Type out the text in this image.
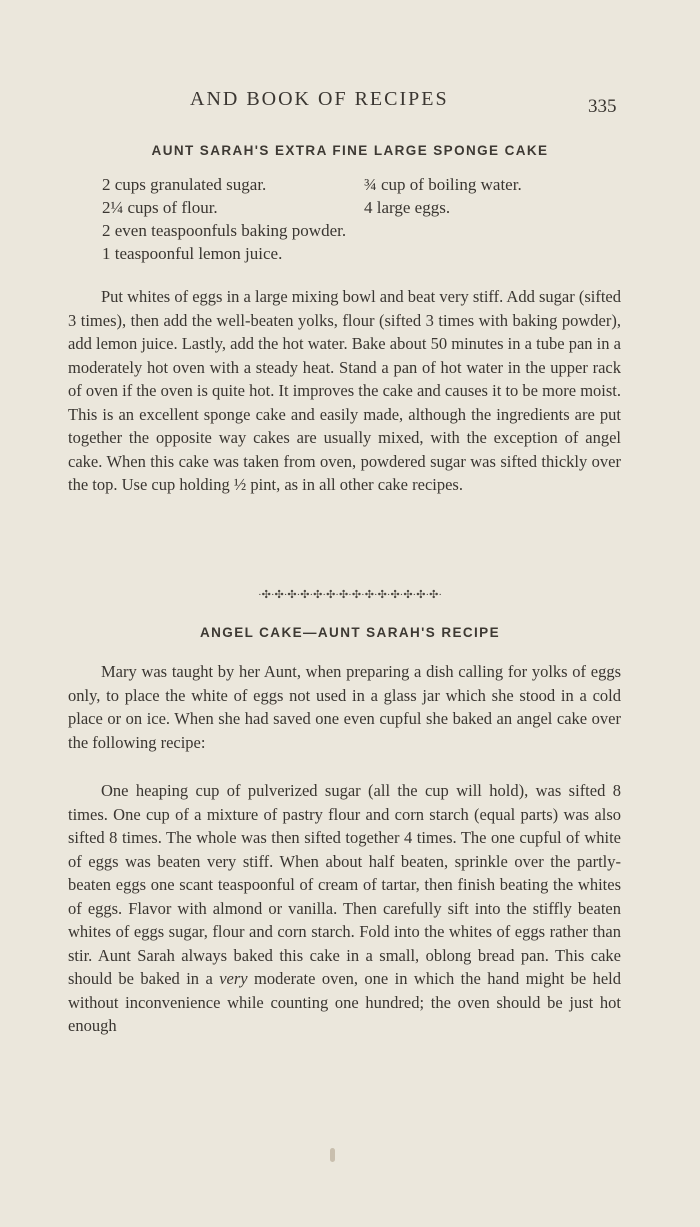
AND BOOK OF RECIPES	335
AUNT SARAH'S EXTRA FINE LARGE SPONGE CAKE
2 cups granulated sugar.	¾ cup of boiling water.
2¼ cups of flour.	4 large eggs.
2 even teaspoonfuls baking powder.
1 teaspoonful lemon juice.

Put whites of eggs in a large mixing bowl and beat very stiff. Add sugar (sifted 3 times), then add the well-beaten yolks, flour (sifted 3 times with baking powder), add lemon juice. Lastly, add the hot water. Bake about 50 minutes in a tube pan in a moderately hot oven with a steady heat. Stand a pan of hot water in the upper rack of oven if the oven is quite hot. It improves the cake and causes it to be more moist. This is an excellent sponge cake and easily made, although the ingredients are put together the opposite way cakes are usually mixed, with the exception of angel cake. When this cake was taken from oven, powdered sugar was sifted thickly over the top. Use cup holding ½ pint, as in all other cake recipes.

·✣·✣·✣·✣·✣·✣·✣·✣·✣·✣·✣·✣·✣·✣·
ANGEL CAKE—AUNT SARAH'S RECIPE

Mary was taught by her Aunt, when preparing a dish calling for yolks of eggs only, to place the white of eggs not used in a glass jar which she stood in a cold place or on ice. When she had saved one even cupful she baked an angel cake over the following recipe:

One heaping cup of pulverized sugar (all the cup will hold), was sifted 8 times. One cup of a mixture of pastry flour and corn starch (equal parts) was also sifted 8 times. The whole was then sifted together 4 times. The one cupful of white of eggs was beaten very stiff. When about half beaten, sprinkle over the partly-beaten eggs one scant teaspoonful of cream of tartar, then finish beating the whites of eggs. Flavor with almond or vanilla. Then carefully sift into the stiffly beaten whites of eggs sugar, flour and corn starch. Fold into the whites of eggs rather than stir. Aunt Sarah always baked this cake in a small, oblong bread pan. This cake should be baked in a very moderate oven, one in which the hand might be held without inconvenience while counting one hundred; the oven should be just hot enough
